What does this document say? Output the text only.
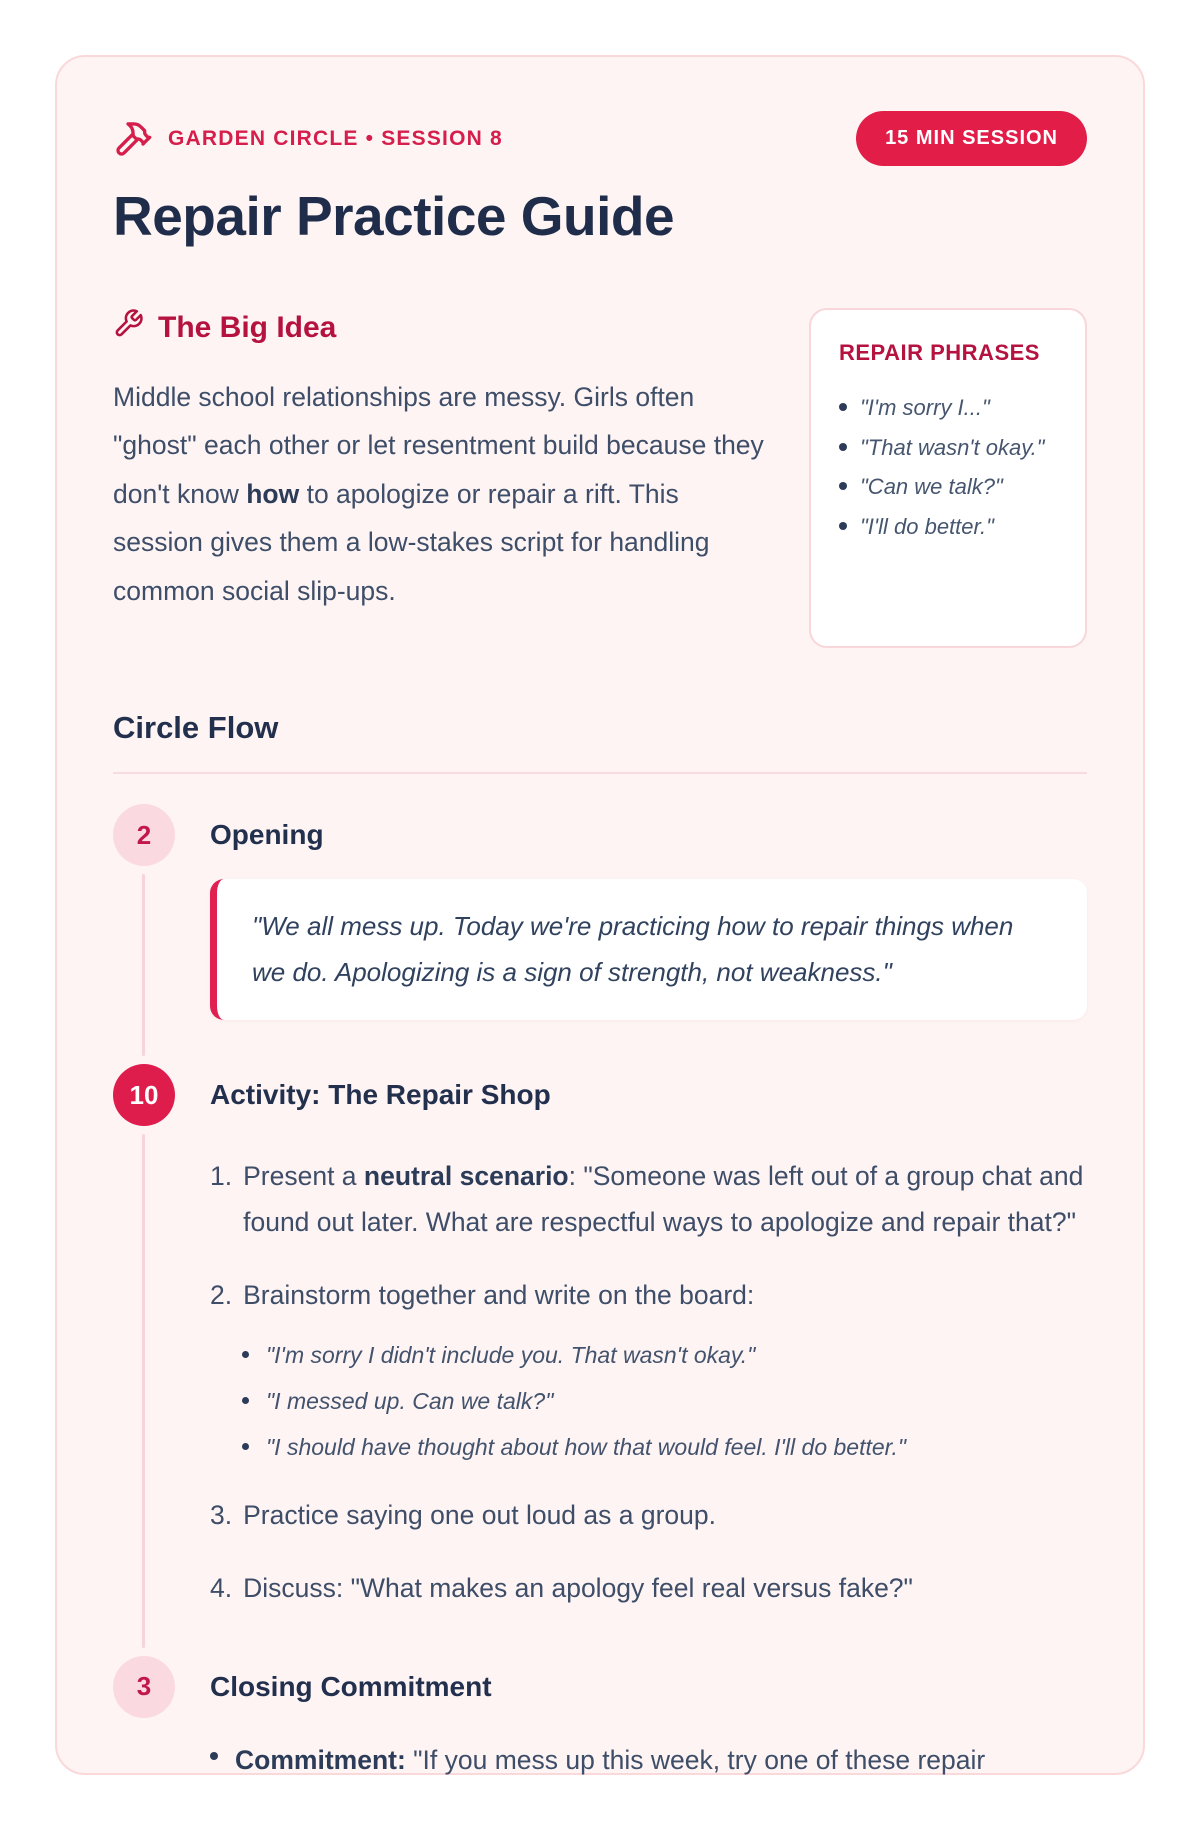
GARDEN CIRCLE • SESSION 8	15 MIN SESSION
Repair Practice Guide
The Big Idea

Middle school relationships are messy. Girls often "ghost" each other or let resentment build because they don't know how to apologize or repair a rift. This session gives them a low-stakes script for handling common social slip-ups.

REPAIR PHRASES
"I'm sorry I..."
"That wasn't okay."
"Can we talk?"
"I'll do better."
Circle Flow
2	Opening
"We all mess up. Today we're practicing how to repair things when we do. Apologizing is a sign of strength, not weakness."
10	Activity: The Repair Shop
1. Present a neutral scenario: "Someone was left out of a group chat and found out later. What are respectful ways to apologize and repair that?"
2. Brainstorm together and write on the board:
"I'm sorry I didn't include you. That wasn't okay."
"I messed up. Can we talk?"
"I should have thought about how that would feel. I'll do better."
3. Practice saying one out loud as a group.
4. Discuss: "What makes an apology feel real versus fake?"
3	Closing Commitment
Commitment: "If you mess up this week, try one of these repair
